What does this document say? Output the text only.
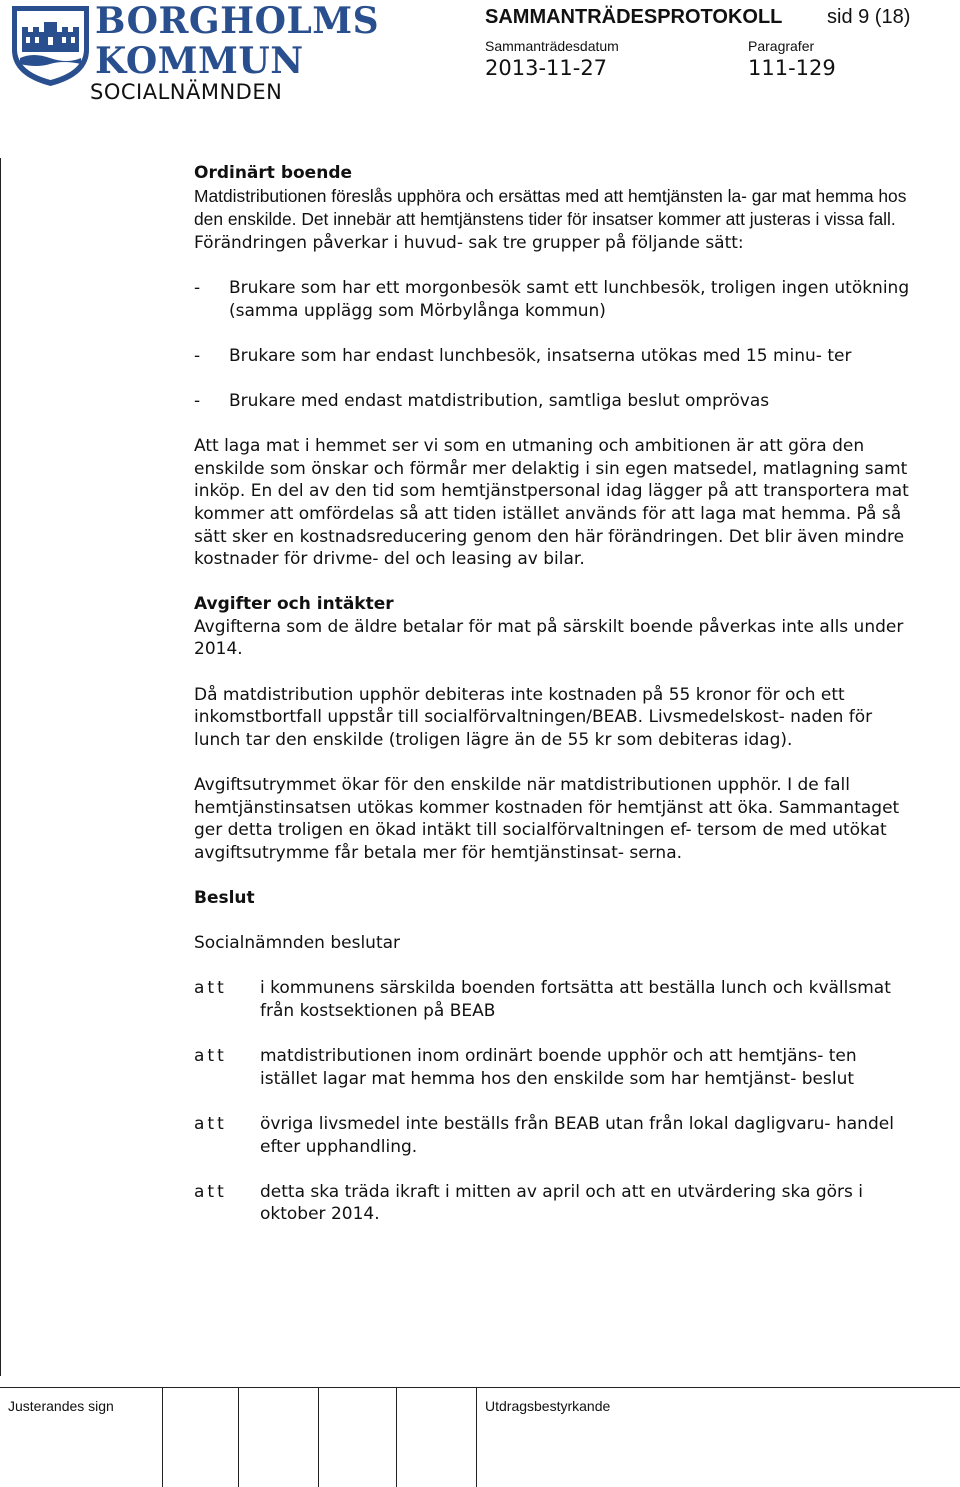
BORGHOLMS
KOMMUN
SOCIALNÄMNDEN
SAMMANTRÄDESPROTOKOLL sid 9 (18)
Sammanträdesdatum
2013-11-27
Paragrafer
111-129

Ordinärt boende

Matdistributionen föreslås upphöra och ersättas med att hemtjänsten la- gar mat hemma hos den enskilde. Det innebär att hemtjänstens tider för insatser kommer att justeras i vissa fall. Förändringen påverkar i huvud- sak tre grupper på följande sätt:

-	Brukare som har ett morgonbesök samt ett lunchbesök, troligen ingen utökning (samma upplägg som Mörbylånga kommun)
-	Brukare som har endast lunchbesök, insatserna utökas med 15 minu- ter
-	Brukare med endast matdistribution, samtliga beslut omprövas

Att laga mat i hemmet ser vi som en utmaning och ambitionen är att göra den enskilde som önskar och förmår mer delaktig i sin egen matsedel, matlagning samt inköp. En del av den tid som hemtjänstpersonal idag lägger på att transportera mat kommer att omfördelas så att tiden istället används för att laga mat hemma. På så sätt sker en kostnadsreducering genom den här förändringen. Det blir även mindre kostnader för drivme- del och leasing av bilar.

Avgifter och intäkter

Avgifterna som de äldre betalar för mat på särskilt boende påverkas inte alls under 2014.

Då matdistribution upphör debiteras inte kostnaden på 55 kronor för och ett inkomstbortfall uppstår till socialförvaltningen/BEAB. Livsmedelskost- naden för lunch tar den enskilde (troligen lägre än de 55 kr som debiteras idag).

Avgiftsutrymmet ökar för den enskilde när matdistributionen upphör. I de fall hemtjänstinsatsen utökas kommer kostnaden för hemtjänst att öka. Sammantaget ger detta troligen en ökad intäkt till socialförvaltningen ef- tersom de med utökat avgiftsutrymme får betala mer för hemtjänstinsat- serna.

Beslut

Socialnämnden beslutar

att	i kommunens särskilda boenden fortsätta att beställa lunch och kvällsmat från kostsektionen på BEAB
att	matdistributionen inom ordinärt boende upphör och att hemtjäns- ten istället lagar mat hemma hos den enskilde som har hemtjänst- beslut
att	övriga livsmedel inte beställs från BEAB utan från lokal dagligvaru- handel efter upphandling.
att	detta ska träda ikraft i mitten av april och att en utvärdering ska görs i oktober 2014.
Justerandes sign	Utdragsbestyrkande
